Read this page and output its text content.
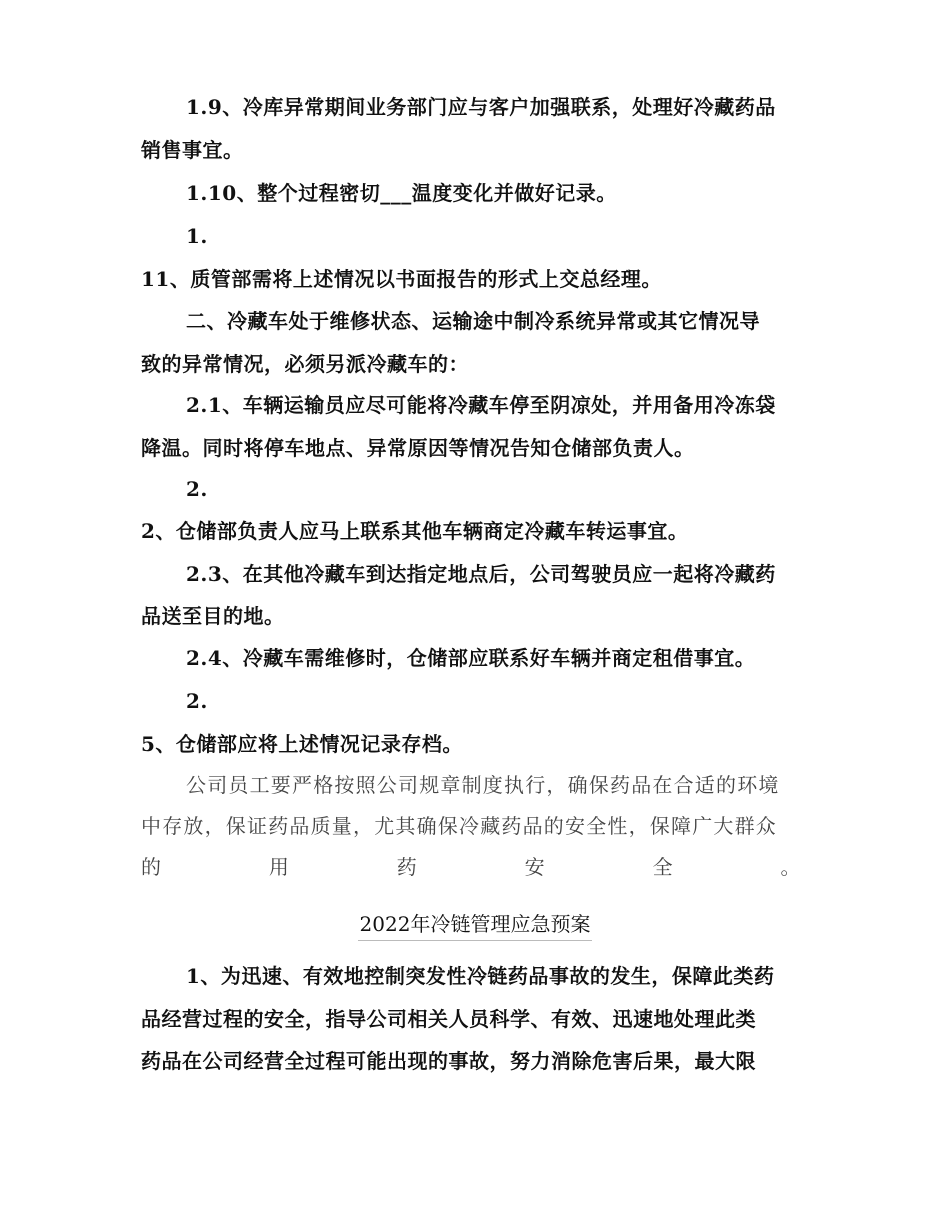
1.9、冷库异常期间业务部门应与客户加强联系，处理好冷藏药品
销售事宜。
1.10、整个过程密切___温度变化并做好记录。
1.
11、质管部需将上述情况以书面报告的形式上交总经理。
二、冷藏车处于维修状态、运输途中制冷系统异常或其它情况导
致的异常情况，必须另派冷藏车的：
2.1、车辆运输员应尽可能将冷藏车停至阴凉处，并用备用冷冻袋
降温。同时将停车地点、异常原因等情况告知仓储部负责人。
2.
2、仓储部负责人应马上联系其他车辆商定冷藏车转运事宜。
2.3、在其他冷藏车到达指定地点后，公司驾驶员应一起将冷藏药
品送至目的地。
2.4、冷藏车需维修时，仓储部应联系好车辆并商定租借事宜。
2.
5、仓储部应将上述情况记录存档。
公司员工要严格按照公司规章制度执行，确保药品在合适的环境
中存放，保证药品质量，尤其确保冷藏药品的安全性，保障广大群众
的	用	药	安	全	。
2022年冷链管理应急预案
1、为迅速、有效地控制突发性冷链药品事故的发生，保障此类药
品经营过程的安全，指导公司相关人员科学、有效、迅速地处理此类
药品在公司经营全过程可能出现的事故，努力消除危害后果，最大限
